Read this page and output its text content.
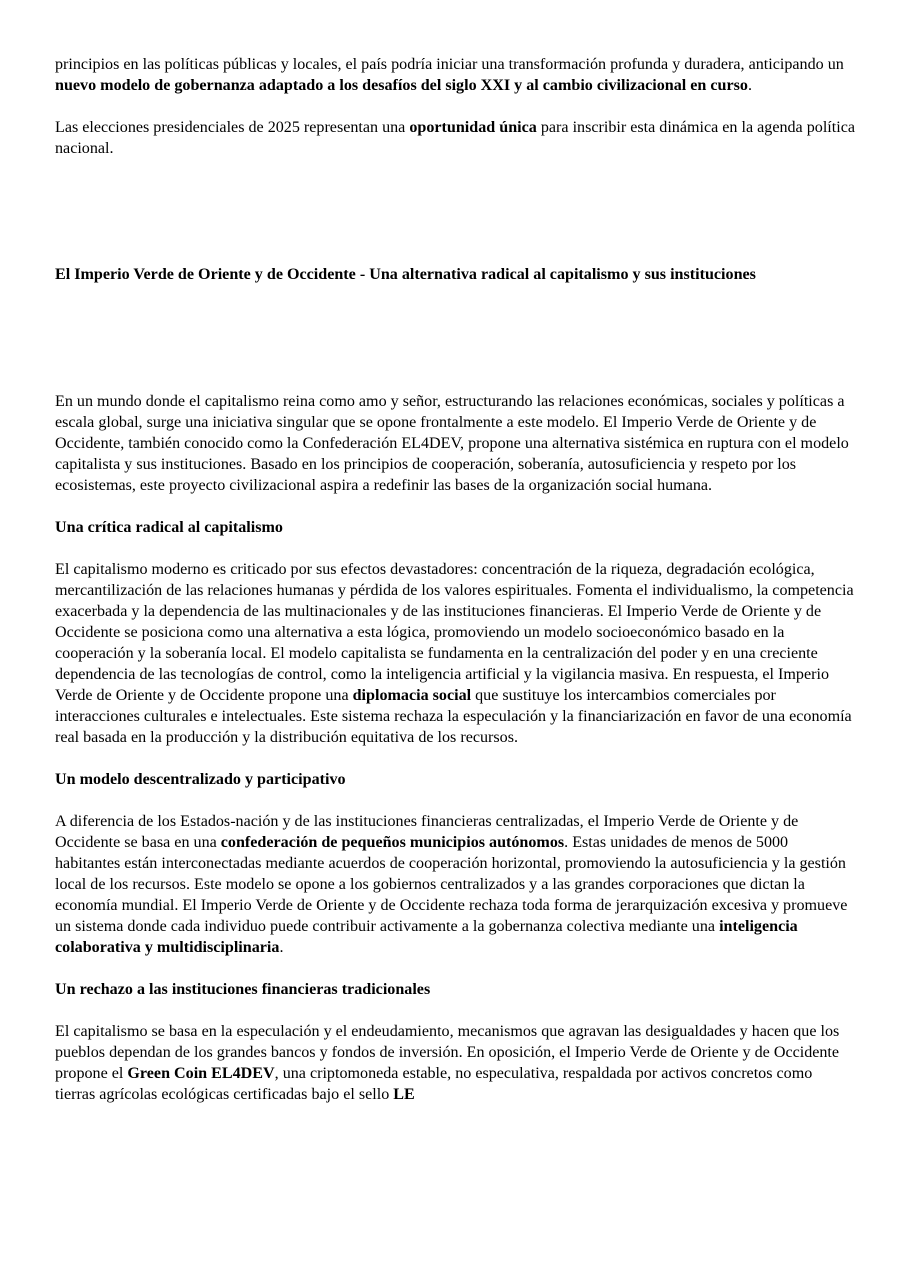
principios en las políticas públicas y locales, el país podría iniciar una transformación profunda y duradera, anticipando un nuevo modelo de gobernanza adaptado a los desafíos del siglo XXI y al cambio civilizacional en curso.

Las elecciones presidenciales de 2025 representan una oportunidad única para inscribir esta dinámica en la agenda política nacional.

El Imperio Verde de Oriente y de Occidente - Una alternativa radical al capitalismo y sus instituciones

En un mundo donde el capitalismo reina como amo y señor, estructurando las relaciones económicas, sociales y políticas a escala global, surge una iniciativa singular que se opone frontalmente a este modelo. El Imperio Verde de Oriente y de Occidente, también conocido como la Confederación EL4DEV, propone una alternativa sistémica en ruptura con el modelo capitalista y sus instituciones. Basado en los principios de cooperación, soberanía, autosuficiencia y respeto por los ecosistemas, este proyecto civilizacional aspira a redefinir las bases de la organización social humana.

Una crítica radical al capitalismo

El capitalismo moderno es criticado por sus efectos devastadores: concentración de la riqueza, degradación ecológica, mercantilización de las relaciones humanas y pérdida de los valores espirituales. Fomenta el individualismo, la competencia exacerbada y la dependencia de las multinacionales y de las instituciones financieras. El Imperio Verde de Oriente y de Occidente se posiciona como una alternativa a esta lógica, promoviendo un modelo socioeconómico basado en la cooperación y la soberanía local. El modelo capitalista se fundamenta en la centralización del poder y en una creciente dependencia de las tecnologías de control, como la inteligencia artificial y la vigilancia masiva. En respuesta, el Imperio Verde de Oriente y de Occidente propone una diplomacia social que sustituye los intercambios comerciales por interacciones culturales e intelectuales. Este sistema rechaza la especulación y la financiarización en favor de una economía real basada en la producción y la distribución equitativa de los recursos.

Un modelo descentralizado y participativo

A diferencia de los Estados-nación y de las instituciones financieras centralizadas, el Imperio Verde de Oriente y de Occidente se basa en una confederación de pequeños municipios autónomos. Estas unidades de menos de 5000 habitantes están interconectadas mediante acuerdos de cooperación horizontal, promoviendo la autosuficiencia y la gestión local de los recursos. Este modelo se opone a los gobiernos centralizados y a las grandes corporaciones que dictan la economía mundial. El Imperio Verde de Oriente y de Occidente rechaza toda forma de jerarquización excesiva y promueve un sistema donde cada individuo puede contribuir activamente a la gobernanza colectiva mediante una inteligencia colaborativa y multidisciplinaria.

Un rechazo a las instituciones financieras tradicionales

El capitalismo se basa en la especulación y el endeudamiento, mecanismos que agravan las desigualdades y hacen que los pueblos dependan de los grandes bancos y fondos de inversión. En oposición, el Imperio Verde de Oriente y de Occidente propone el Green Coin EL4DEV, una criptomoneda estable, no especulativa, respaldada por activos concretos como tierras agrícolas ecológicas certificadas bajo el sello LE
